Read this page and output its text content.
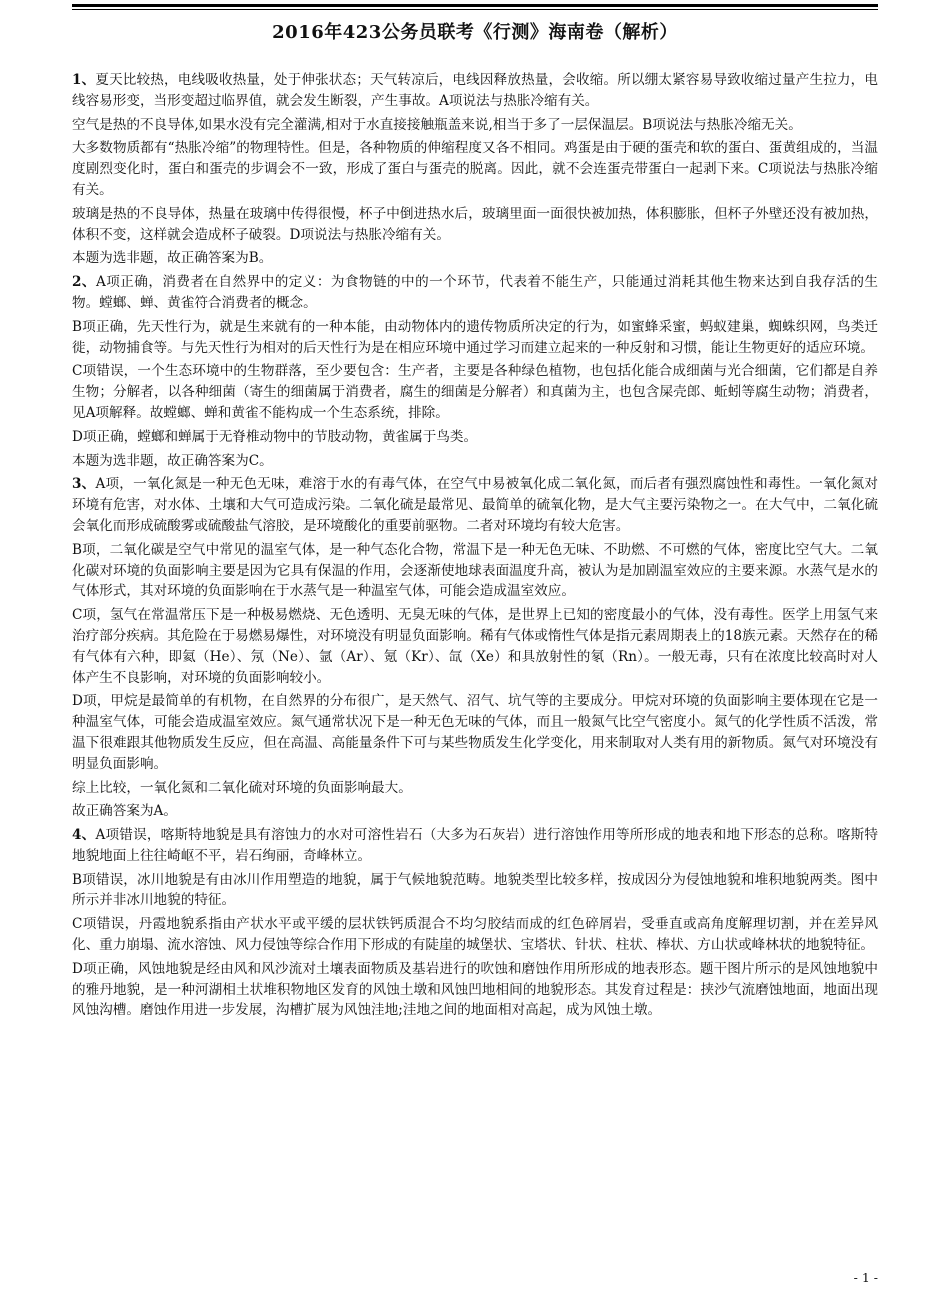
2016年423公务员联考《行测》海南卷（解析）

1、夏天比较热，电线吸收热量，处于伸张状态；天气转凉后，电线因释放热量，会收缩。所以绷太紧容易导致收缩过量产生拉力，电线容易形变，当形变超过临界值，就会发生断裂，产生事故。A项说法与热胀冷缩有关。

空气是热的不良导体,如果水没有完全灌满,相对于水直接接触瓶盖来说,相当于多了一层保温层。B项说法与热胀冷缩无关。

大多数物质都有“热胀冷缩”的物理特性。但是，各种物质的伸缩程度又各不相同。鸡蛋是由于硬的蛋壳和软的蛋白、蛋黄组成的，当温度剧烈变化时，蛋白和蛋壳的步调会不一致，形成了蛋白与蛋壳的脱离。因此，就不会连蛋壳带蛋白一起剥下来。C项说法与热胀冷缩有关。

玻璃是热的不良导体，热量在玻璃中传得很慢，杯子中倒进热水后，玻璃里面一面很快被加热，体积膨胀，但杯子外壁还没有被加热，体积不变，这样就会造成杯子破裂。D项说法与热胀冷缩有关。

本题为选非题，故正确答案为B。

2、A项正确，消费者在自然界中的定义：为食物链的中的一个环节，代表着不能生产，只能通过消耗其他生物来达到自我存活的生物。螳螂、蝉、黄雀符合消费者的概念。

B项正确，先天性行为，就是生来就有的一种本能，由动物体内的遗传物质所决定的行为，如蜜蜂采蜜，蚂蚁建巢，蜘蛛织网，鸟类迁徙，动物捕食等。与先天性行为相对的后天性行为是在相应环境中通过学习而建立起来的一种反射和习惯，能让生物更好的适应环境。

C项错误，一个生态环境中的生物群落，至少要包含：生产者，主要是各种绿色植物，也包括化能合成细菌与光合细菌，它们都是自养生物；分解者，以各种细菌（寄生的细菌属于消费者，腐生的细菌是分解者）和真菌为主，也包含屎壳郎、蚯蚓等腐生动物；消费者，见A项解释。故螳螂、蝉和黄雀不能构成一个生态系统，排除。

D项正确，螳螂和蝉属于无脊椎动物中的节肢动物，黄雀属于鸟类。

本题为选非题，故正确答案为C。

3、A项，一氧化氮是一种无色无味，难溶于水的有毒气体，在空气中易被氧化成二氧化氮，而后者有强烈腐蚀性和毒性。一氧化氮对环境有危害，对水体、土壤和大气可造成污染。二氧化硫是最常见、最简单的硫氧化物，是大气主要污染物之一。在大气中，二氧化硫会氧化而形成硫酸雾或硫酸盐气溶胶，是环境酸化的重要前驱物。二者对环境均有较大危害。

B项，二氧化碳是空气中常见的温室气体，是一种气态化合物，常温下是一种无色无味、不助燃、不可燃的气体，密度比空气大。二氧化碳对环境的负面影响主要是因为它具有保温的作用，会逐渐使地球表面温度升高，被认为是加剧温室效应的主要来源。水蒸气是水的气体形式，其对环境的负面影响在于水蒸气是一种温室气体，可能会造成温室效应。

C项，氢气在常温常压下是一种极易燃烧、无色透明、无臭无味的气体，是世界上已知的密度最小的气体，没有毒性。医学上用氢气来治疗部分疾病。其危险在于易燃易爆性，对环境没有明显负面影响。稀有气体或惰性气体是指元素周期表上的18族元素。天然存在的稀有气体有六种，即氦（He）、氖（Ne）、氩（Ar）、氪（Kr）、氙（Xe）和具放射性的氡（Rn）。一般无毒，只有在浓度比较高时对人体产生不良影响，对环境的负面影响较小。

D项，甲烷是最简单的有机物，在自然界的分布很广，是天然气、沼气、坑气等的主要成分。甲烷对环境的负面影响主要体现在它是一种温室气体，可能会造成温室效应。氮气通常状况下是一种无色无味的气体，而且一般氮气比空气密度小。氮气的化学性质不活泼，常温下很难跟其他物质发生反应，但在高温、高能量条件下可与某些物质发生化学变化，用来制取对人类有用的新物质。氮气对环境没有明显负面影响。

综上比较，一氧化氮和二氧化硫对环境的负面影响最大。

故正确答案为A。

4、A项错误，喀斯特地貌是具有溶蚀力的水对可溶性岩石（大多为石灰岩）进行溶蚀作用等所形成的地表和地下形态的总称。喀斯特地貌地面上往往崎岖不平，岩石绚丽，奇峰林立。

B项错误，冰川地貌是有由冰川作用塑造的地貌，属于气候地貌范畴。地貌类型比较多样，按成因分为侵蚀地貌和堆积地貌两类。图中所示并非冰川地貌的特征。

C项错误，丹霞地貌系指由产状水平或平缓的层状铁钙质混合不均匀胶结而成的红色碎屑岩，受垂直或高角度解理切割，并在差异风化、重力崩塌、流水溶蚀、风力侵蚀等综合作用下形成的有陡崖的城堡状、宝塔状、针状、柱状、棒状、方山状或峰林状的地貌特征。

D项正确，风蚀地貌是经由风和风沙流对土壤表面物质及基岩进行的吹蚀和磨蚀作用所形成的地表形态。题干图片所示的是风蚀地貌中的雅丹地貌，是一种河湖相土状堆积物地区发育的风蚀土墩和风蚀凹地相间的地貌形态。其发育过程是：挟沙气流磨蚀地面，地面出现风蚀沟槽。磨蚀作用进一步发展，沟槽扩展为风蚀洼地;洼地之间的地面相对高起，成为风蚀土墩。

- 1 -
